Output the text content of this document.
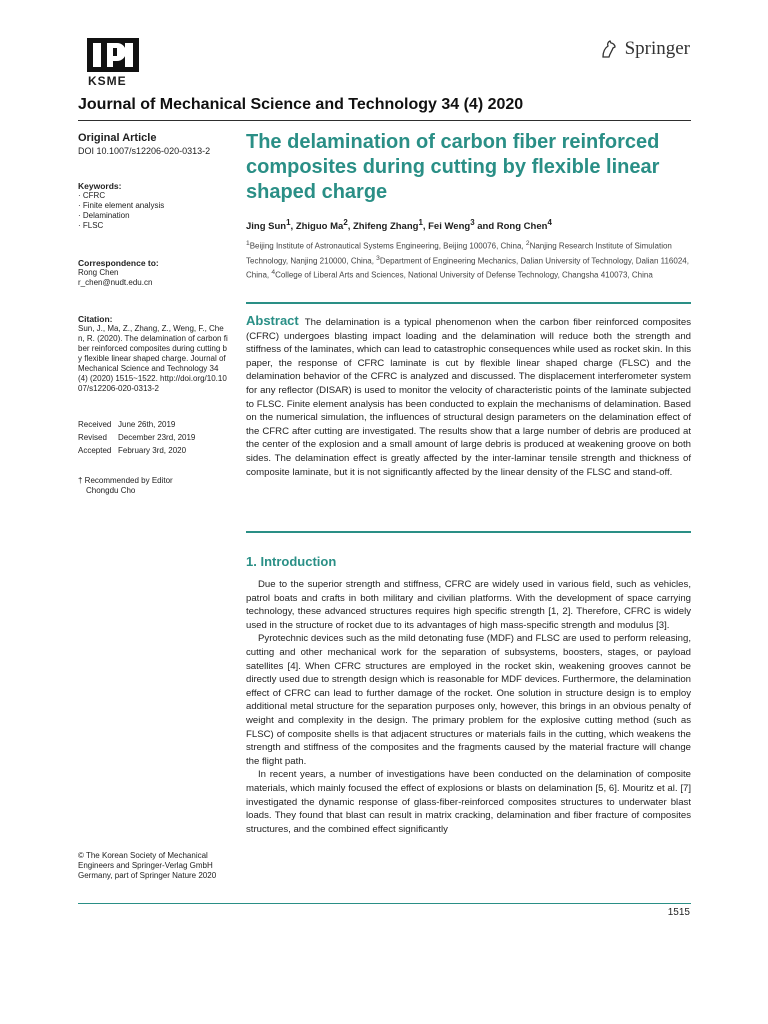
KSME
Springer
Journal of Mechanical Science and Technology 34 (4) 2020
Original Article
DOI 10.1007/s12206-020-0313-2
Keywords:
· CFRC
· Finite element analysis
· Delamination
· FLSC
Correspondence to:
Rong Chen
r_chen@nudt.edu.cn
Citation:
Sun, J., Ma, Z., Zhang, Z., Weng, F., Chen, R. (2020). The delamination of carbon fiber reinforced composites during cutting by flexible linear shaped charge. Journal of Mechanical Science and Technology 34 (4) (2020) 1515~1522. http://doi.org/10.1007/s12206-020-0313-2
Received June 26th, 2019
Revised	December 23rd, 2019
Accepted February 3rd, 2020
† Recommended by Editor
Chongdu Cho
© The Korean Society of Mechanical Engineers and Springer-Verlag GmbH Germany, part of Springer Nature 2020
The delamination of carbon fiber reinforced composites during cutting by flexible linear shaped charge
Jing Sun$^1$, Zhiguo Ma$^2$, Zhifeng Zhang$^1$, Fei Weng$^3$ and Rong Chen$^4$
$^1$Beijing Institute of Astronautical Systems Engineering, Beijing 100076, China, $^2$Nanjing Research Institute of Simulation Technology, Nanjing 210000, China, $^3$Department of Engineering Mechanics, Dalian University of Technology, Dalian 116024, China, $^4$College of Liberal Arts and Sciences, National University of Defense Technology, Changsha 410073, China
Abstract The delamination is a typical phenomenon when the carbon fiber reinforced composites (CFRC) undergoes blasting impact loading and the delamination will reduce both the strength and stiffness of the laminates, which can lead to catastrophic consequences while used as rocket skin. In this paper, the response of CFRC laminate is cut by flexible linear shaped charge (FLSC) and the delamination behavior of the CFRC is analyzed and discussed. The displacement interferometer system for any reflector (DISAR) is used to monitor the velocity of characteristic points of the laminate subjected to FLSC. Finite element analysis has been conducted to explain the mechanisms of delamination. Based on the numerical simulation, the influences of structural design parameters on the delamination effect of the CFRC after cutting are investigated. The results show that a large number of debris are produced at the center of the explosion and a small amount of large debris is produced at weakening groove on both sides. The delamination effect is greatly affected by the inter-laminar tensile strength and thickness of composite laminate, but it is not significantly affected by the linear density of the FLSC and stand-off.
1. Introduction

Due to the superior strength and stiffness, CFRC are widely used in various field, such as vehicles, patrol boats and crafts in both military and civilian platforms. With the development of space carrying technology, these advanced structures requires high specific strength [1, 2]. Therefore, CFRC is widely used in the structure of rocket due to its advantages of high mass-specific strength and modulus [3].

Pyrotechnic devices such as the mild detonating fuse (MDF) and FLSC are used to perform releasing, cutting and other mechanical work for the separation of subsystems, boosters, stages, or payload satellites [4]. When CFRC structures are employed in the rocket skin, weakening grooves cannot be directly used due to strength design which is reasonable for MDF devices. Furthermore, the delamination effect of CFRC can lead to further damage of the rocket. One solution in structure design is to employ additional metal structure for the separation purposes only, however, this brings in an obvious penalty of weight and complexity in the design. The primary problem for the explosive cutting method (such as FLSC) of composite shells is that adjacent structures or materials fails in the cutting, which weakens the strength and stiffness of the composites and the fragments caused by the material fracture will change the flight path.

In recent years, a number of investigations have been conducted on the delamination of composite materials, which mainly focused the effect of explosions or blasts on delamination [5, 6]. Mouritz et al. [7] investigated the dynamic response of glass-fiber-reinforced composites structures to underwater blast loads. They found that blast can result in matrix cracking, delamination and fiber fracture of composites structures, and the combined effect significantly

1515
